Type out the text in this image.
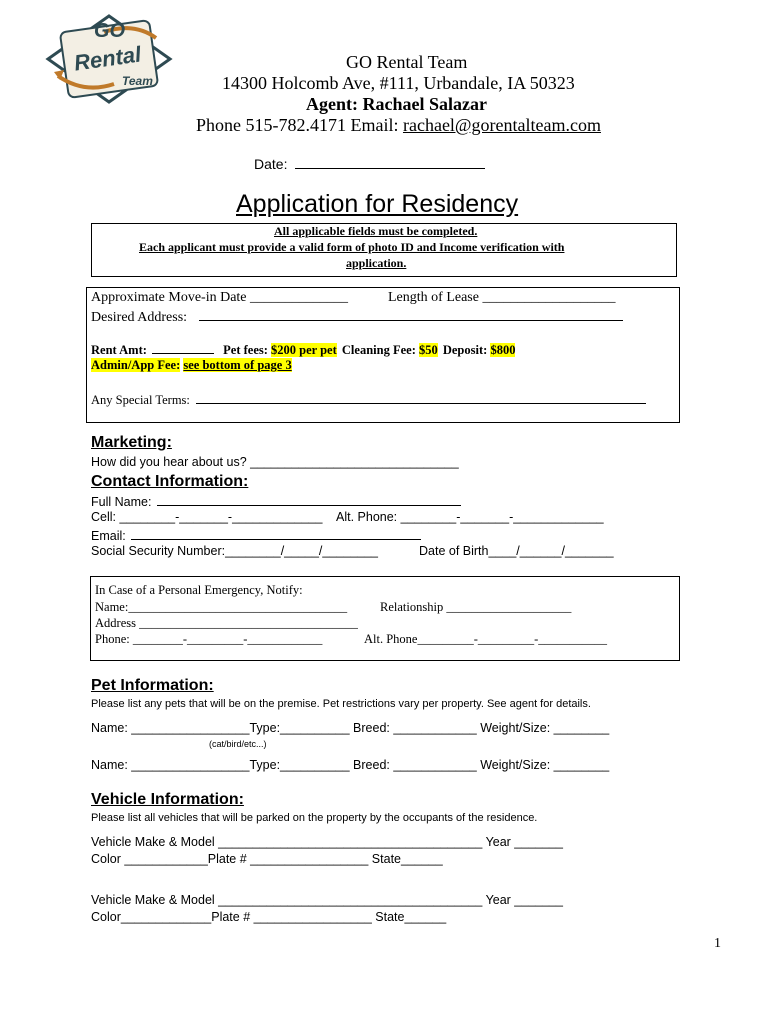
GO
Rental
Team
GO Rental Team
14300 Holcomb Ave, #111, Urbandale, IA 50323
Agent: Rachael Salazar
Phone 515-782.4171 Email: rachael@gorentalteam.com
Date:
Application for Residency
All applicable fields must be completed.
Each applicant must provide a valid form of photo ID and Income verification with
application.
Approximate Move-in Date ______________	Length of Lease ___________________
Desired Address:
Rent Amt:	Pet fees: $200 per pet Cleaning Fee: $50 Deposit: $800
Admin/App Fee: see bottom of page 3
Any Special Terms:
Marketing:
How did you hear about us? ______________________________
Contact Information:
Full Name:
Cell: ________-_______-_____________ Alt. Phone: ________-_______-_____________
Email:
Social Security Number:________/_____/________	Date of Birth____/______/_______
In Case of a Personal Emergency, Notify:
Name:___________________________________	Relationship ____________________
Address ___________________________________
Phone: ________-_________-____________	Alt. Phone_________-_________-___________
Pet Information:
Please list any pets that will be on the premise. Pet restrictions vary per property. See agent for details.
Name: _________________Type:__________ Breed: ____________ Weight/Size: ________
(cat/bird/etc...)
Name: _________________Type:__________ Breed: ____________ Weight/Size: ________
Vehicle Information:
Please list all vehicles that will be parked on the property by the occupants of the residence.
Vehicle Make & Model ______________________________________ Year _______
Color ____________Plate # _________________ State______
Vehicle Make & Model ______________________________________ Year _______
Color_____________Plate # _________________ State______
1
